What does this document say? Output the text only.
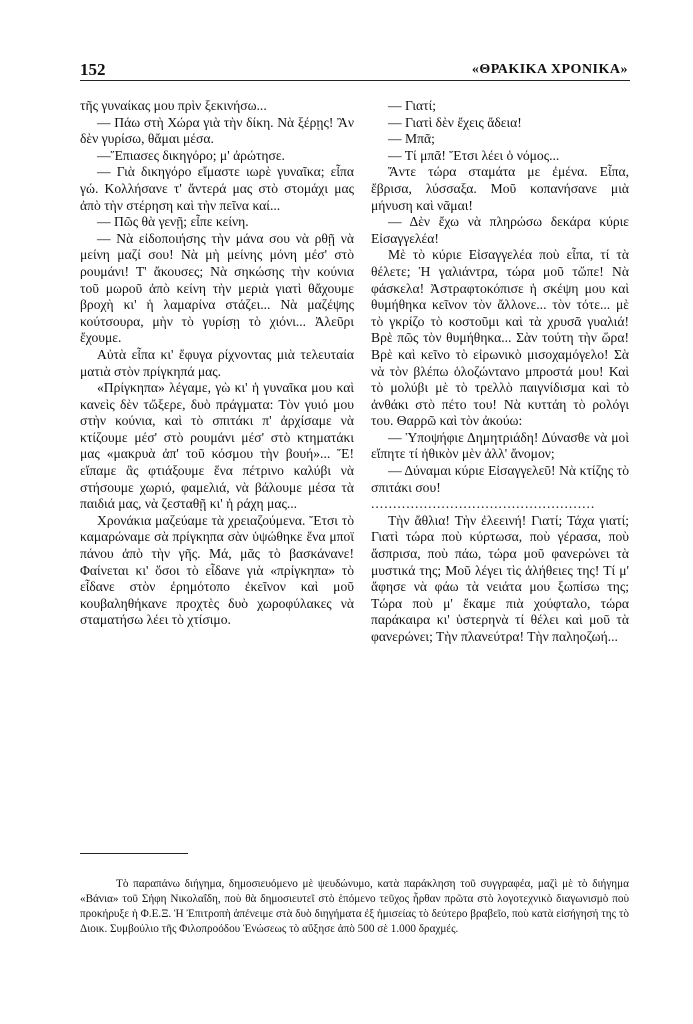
152	«ΘΡΑΚΙΚΑ ΧΡΟΝΙΚΑ»

τῆς γυναίκας μου πρὶν ξεκινήσω...

— Πάω στὴ Χώρα γιὰ τὴν δίκη. Νὰ ξέρῃς! Ἂν δὲν γυρίσω, θἄμαι μέσα.

—Ἔπιασες δικηγόρο; μ' ἀρώτησε.

— Γιὰ δικηγόρο εἴμαστε ιωρὲ γυναῖκα; εἶπα γώ. Κολλήσανε τ' ἄντερά μας στὸ στομάχι μας ἀπὸ τὴν στέρηση καὶ τὴν πεῖνα καί...

— Πῶς θὰ γενῇ; εἶπε κείνη.

— Νὰ εἰδοποιήσης τὴν μάνα σου νὰ ρθῇ νὰ μείνη μαζί σου! Νὰ μὴ μείνης μόνη μέσ' στὸ ρουμάνι! Τ' ἄκουσες; Νὰ σηκώσης τὴν κούνια τοῦ μωροῦ ἀπὸ κείνη τὴν μεριὰ γιατὶ θἄχουμε βροχὴ κι' ἡ λαμαρίνα στάζει... Νὰ μαζέψης κούτσουρα, μὴν τὸ γυρίσῃ τὸ χιόνι... Ἀλεῦρι ἔχουμε.

Αὐτὰ εἶπα κι' ἔφυγα ρίχνοντας μιὰ τελευταία ματιὰ στὸν πρίγκηπά μας.

«Πρίγκηπα» λέγαμε, γὼ κι' ἡ γυναῖκα μου καὶ κανεὶς δὲν τὤξερε, δυὸ πράγματα: Τὸν γυιό μου στὴν κούνια, καὶ τὸ σπιτάκι π' ἀρχίσαμε νὰ κτίζουμε μέσ' στὸ ρουμάνι μέσ' στὸ κτηματάκι μας «μακρυὰ ἀπ' τοῦ κόσμου τὴν βουή»... Ἔ! εἴπαμε ἂς φτιάξουμε ἕνα πέτρινο καλύβι νὰ στήσουμε χωριό, φαμελιά, νὰ βάλουμε μέσα τὰ παιδιά μας, νὰ ζεσταθῇ κι' ἡ ράχη μας...

Χρονάκια μαζεύαμε τὰ χρειαζούμενα. Ἔτσι τὸ καμαρώναμε σὰ πρίγκηπα σὰν ὑψώθηκε ἕνα μποϊ πάνου ἀπὸ τὴν γῆς. Μά, μᾶς τὸ βασκάνανε! Φαίνεται κι' ὅσοι τὸ εἶδανε γιὰ «πρίγκηπα» τὸ εἶδανε στὸν ἐρημότοπο ἐκεῖνον καὶ μοῦ κουβαληθήκανε προχτὲς δυὸ χωροφύλακες νὰ σταματήσω λέει τὸ χτίσιμο.

— Γιατί;

— Γιατὶ δὲν ἔχεις ἄδεια!

— Μπᾶ;

— Τί μπᾶ! Ἔτσι λέει ὁ νόμος...

Ἄντε τώρα σταμάτα με ἐμένα. Εἶπα, ἔβρισα, λύσσαξα. Μοῦ κοπανήσανε μιὰ μήνυση καὶ νᾶμαι!

— Δὲν ἔχω νὰ πληρώσω δεκάρα κύριε Εἰσαγγελέα!

Μὲ τὸ κύριε Εἰσαγγελέα ποὺ εἶπα, τί τὰ θέλετε; Ἡ γαλιάντρα, τώρα μοῦ τὤπε! Νὰ φάσκελα! Ἀστραφτοκόπισε ἡ σκέψη μου καὶ θυμήθηκα κεῖνον τὸν ἄλλονε... τὸν τότε... μὲ τὸ γκρίζο τὸ κοστοῦμι καὶ τὰ χρυσᾶ γυαλιά! Βρὲ πῶς τὸν θυμήθηκα... Σὰν τούτη τὴν ὥρα! Βρὲ καὶ κεῖνο τὸ εἰρωνικὸ μισοχαμόγελο! Σὰ νὰ τὸν βλέπω ὁλοζώντανο μπροστά μου! Καὶ τὸ μολύβι μὲ τὸ τρελλὸ παιγνίδισμα καὶ τὸ ἀνθάκι στὸ πέτο του! Νὰ κυττάη τὸ ρολόγι του. Θαρρῶ καὶ τὸν ἀκούω:

— Ὑποψήφιε Δημητριάδη! Δύνασθε νὰ μοὶ εἴπητε τί ἠθικὸν μὲν ἀλλ' ἄνομον;

— Δύναμαι κύριε Εἰσαγγελεῦ! Νὰ κτίζης τὸ σπιτάκι σου!

...................................................

Τὴν ἄθλια! Τὴν ἐλεεινή! Γιατί; Τάχα γιατί; Γιατὶ τώρα ποὺ κύρτωσα, ποὺ γέρασα, ποὺ ἄσπρισα, ποὺ πάω, τώρα μοῦ φανερώνει τὰ μυστικά της; Μοῦ λέγει τὶς ἀλήθειες της! Τί μ' ἄφησε νὰ φάω τὰ νειάτα μου ξωπίσω της; Τώρα ποὺ μ' ἔκαμε πιὰ χούφταλο, τώρα παράκαιρα κι' ὑστερηνὰ τί θέλει καὶ μοῦ τὰ φανερώνει; Τὴν πλανεύτρα! Τὴν παληοζωή...

Τὸ παραπάνω διήγημα, δημοσιευόμενο μὲ ψευδώνυμο, κατὰ παράκληση τοῦ συγγραφέα, μαζὶ μὲ τὸ διήγημα «Βάνια» τοῦ Σήφη Νικολαΐδη, ποὺ θὰ δημοσιευτεῖ στὸ ἑπόμενο τεῦχος ἦρθαν πρῶτα στὸ λογοτεχνικὸ διαγωνισμὸ ποὺ προκήρυξε ἡ Φ.Ε.Ξ. Ἡ Ἐπιτροπὴ ἀπένειμε στὰ δυὸ διηγήματα ἐξ ἡμισείας τὸ δεύτερο βραβεῖο, ποὺ κατὰ εἰσήγησή της τὸ Διοικ. Συμβούλιο τῆς Φιλοπροόδου Ἑνώσεως τὸ αὔξησε ἀπὸ 500 σὲ 1.000 δραχμές.
